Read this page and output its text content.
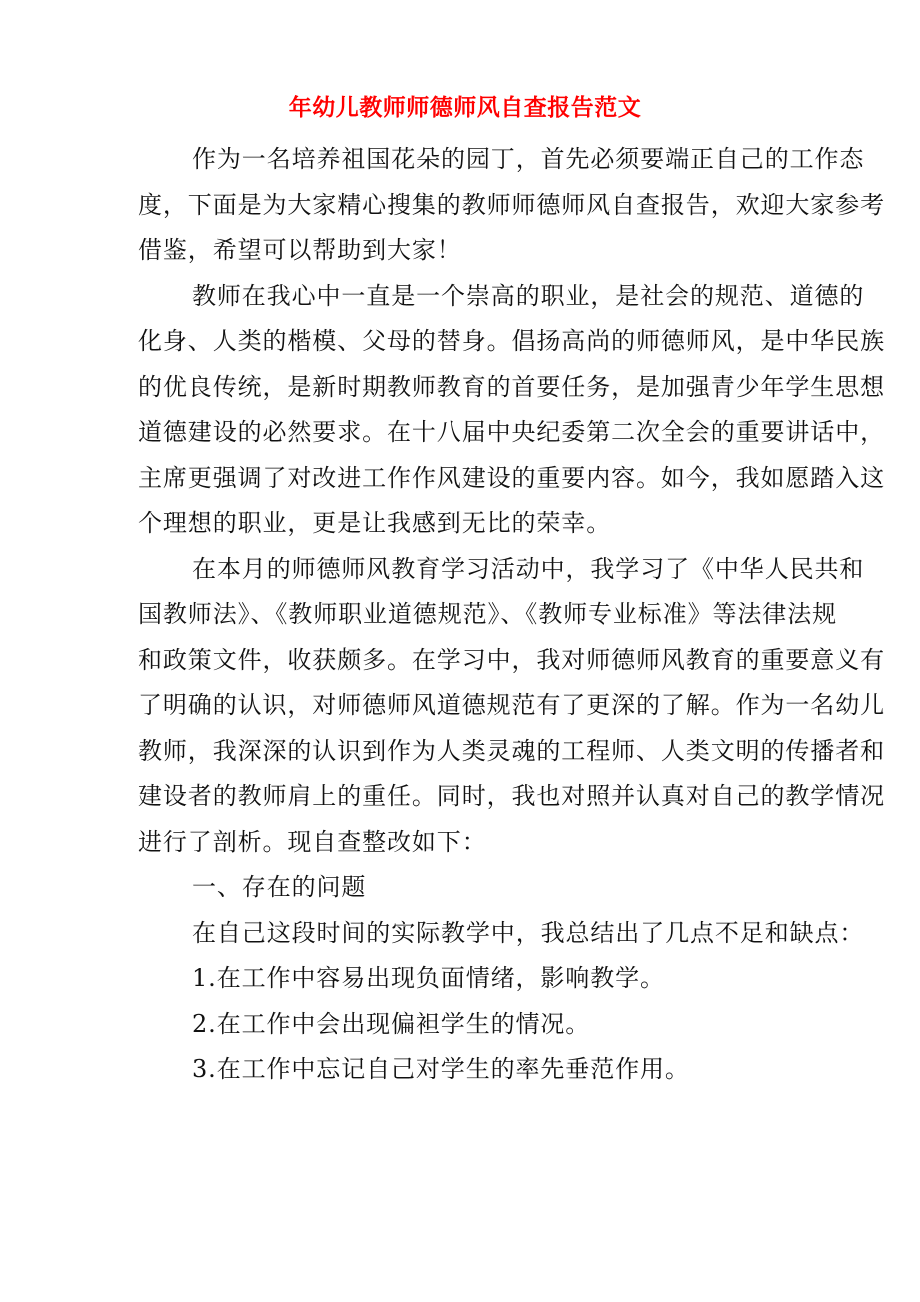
年幼儿教师师德师风自查报告范文
作为一名培养祖国花朵的园丁，首先必须要端正自己的工作态
度，下面是为大家精心搜集的教师师德师风自查报告，欢迎大家参考
借鉴，希望可以帮助到大家！
教师在我心中一直是一个崇高的职业，是社会的规范、道德的
化身、人类的楷模、父母的替身。倡扬高尚的师德师风，是中华民族
的优良传统，是新时期教师教育的首要任务，是加强青少年学生思想
道德建设的必然要求。在十八届中央纪委第二次全会的重要讲话中，
主席更强调了对改进工作作风建设的重要内容。如今，我如愿踏入这
个理想的职业，更是让我感到无比的荣幸。
在本月的师德师风教育学习活动中，我学习了《中华人民共和
国教师法》、《教师职业道德规范》、《教师专业标准》等法律法规
和政策文件，收获颇多。在学习中，我对师德师风教育的重要意义有
了明确的认识，对师德师风道德规范有了更深的了解。作为一名幼儿
教师，我深深的认识到作为人类灵魂的工程师、人类文明的传播者和
建设者的教师肩上的重任。同时，我也对照并认真对自己的教学情况
进行了剖析。现自查整改如下：
一、存在的问题
在自己这段时间的实际教学中，我总结出了几点不足和缺点：
1.在工作中容易出现负面情绪，影响教学。
2.在工作中会出现偏袒学生的情况。
3.在工作中忘记自己对学生的率先垂范作用。
